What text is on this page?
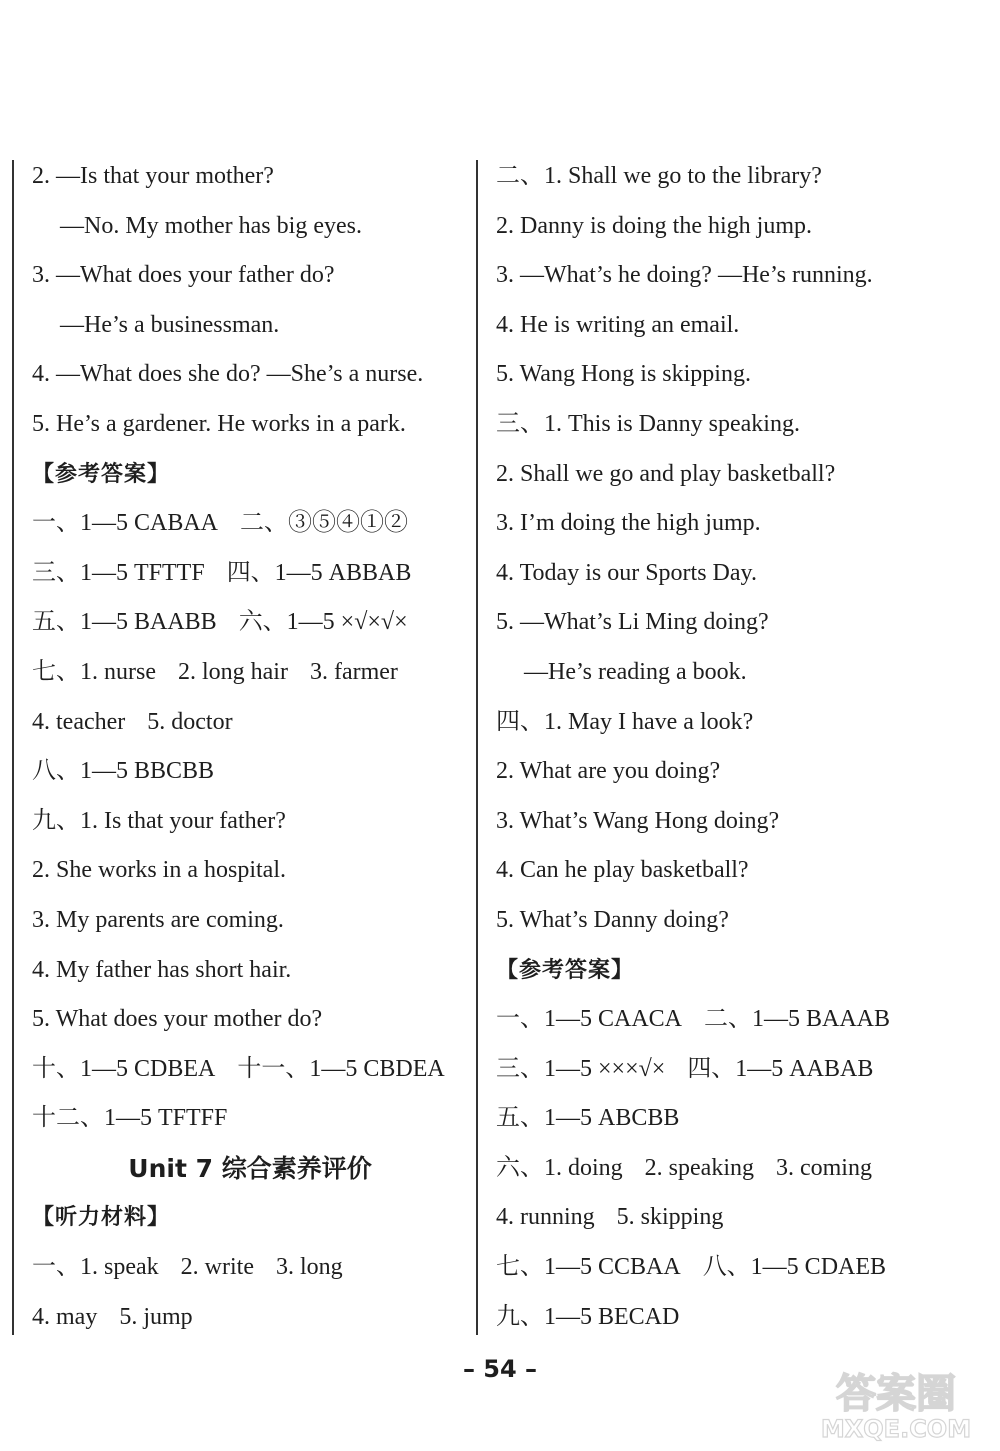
2. —Is that your mother?
—No. My mother has big eyes.
3. —What does your father do?
—He’s a businessman.
4. —What does she do? —She’s a nurse.
5. He’s a gardener. He works in a park.
【参考答案】
一、1—5 CABAA 二、③⑤④①②
三、1—5 TFTTF 四、1—5 ABBAB
五、1—5 BAABB 六、1—5 ×√×√×
七、1. nurse 2. long hair 3. farmer
4. teacher 5. doctor
八、1—5 BBCBB
九、1. Is that your father?
2. She works in a hospital.
3. My parents are coming.
4. My father has short hair.
5. What does your mother do?
十、1—5 CDBEA 十一、1—5 CBDEA
十二、1—5 TFTFF
Unit 7 综合素养评价
【听力材料】
一、1. speak 2. write 3. long
4. may 5. jump
二、1. Shall we go to the library?
2. Danny is doing the high jump.
3. —What’s he doing? —He’s running.
4. He is writing an email.
5. Wang Hong is skipping.
三、1. This is Danny speaking.
2. Shall we go and play basketball?
3. I’m doing the high jump.
4. Today is our Sports Day.
5. —What’s Li Ming doing?
—He’s reading a book.
四、1. May I have a look?
2. What are you doing?
3. What’s Wang Hong doing?
4. Can he play basketball?
5. What’s Danny doing?
【参考答案】
一、1—5 CAACA 二、1—5 BAAAB
三、1—5 ×××√× 四、1—5 AABAB
五、1—5 ABCBB
六、1. doing 2. speaking 3. coming
4. running 5. skipping
七、1—5 CCBAA 八、1—5 CDAEB
九、1—5 BECAD
– 54 –
答案圈
MXQE.COM
